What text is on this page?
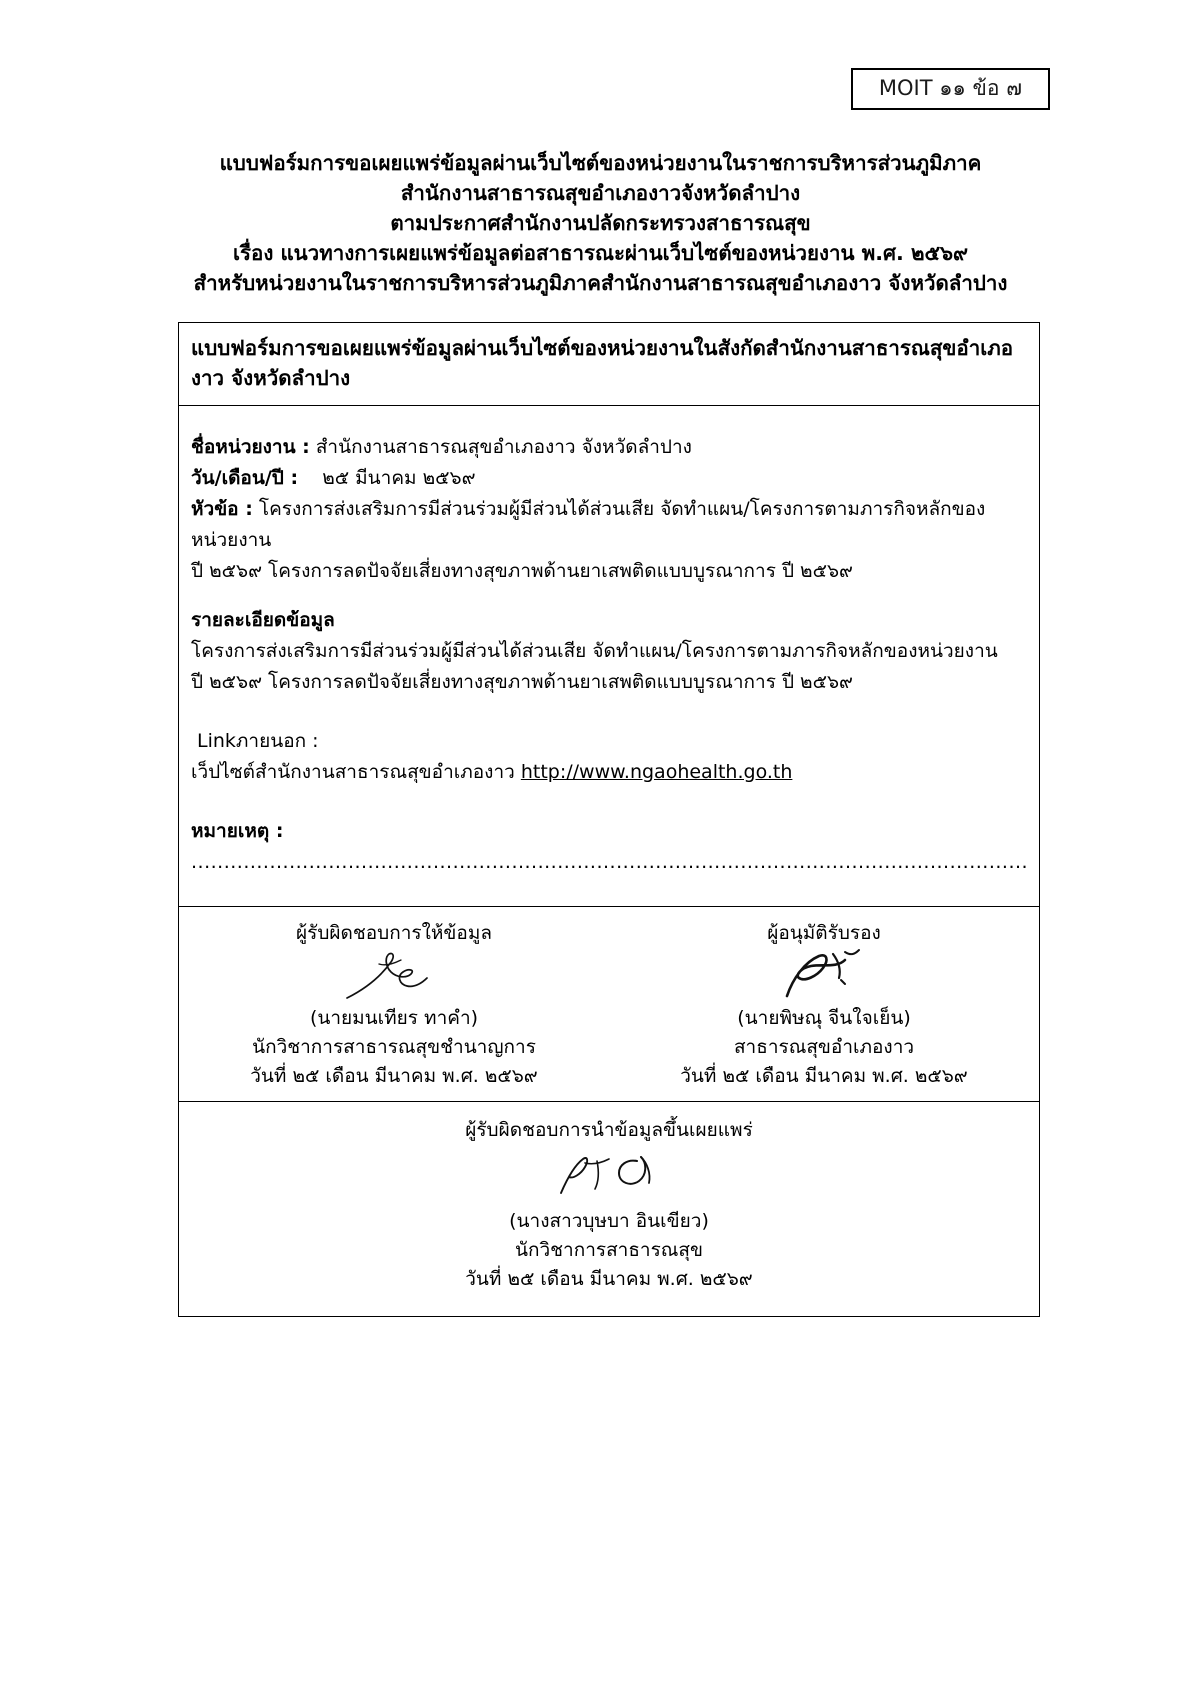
MOIT ๑๑ ข้อ ๗
แบบฟอร์มการขอเผยแพร่ข้อมูลผ่านเว็บไซต์ของหน่วยงานในราชการบริหารส่วนภูมิภาค
สำนักงานสาธารณสุขอำเภองาวจังหวัดลำปาง
ตามประกาศสำนักงานปลัดกระทรวงสาธารณสุข
เรื่อง แนวทางการเผยแพร่ข้อมูลต่อสาธารณะผ่านเว็บไซต์ของหน่วยงาน พ.ศ. ๒๕๖๙
สำหรับหน่วยงานในราชการบริหารส่วนภูมิภาคสำนักงานสาธารณสุขอำเภองาว จังหวัดลำปาง
แบบฟอร์มการขอเผยแพร่ข้อมูลผ่านเว็บไซต์ของหน่วยงานในสังกัดสำนักงานสาธารณสุขอำเภองาว จังหวัดลำปาง
ชื่อหน่วยงาน : สำนักงานสาธารณสุขอำเภองาว จังหวัดลำปาง
วัน/เดือน/ปี : ๒๕ มีนาคม ๒๕๖๙
หัวข้อ : โครงการส่งเสริมการมีส่วนร่วมผู้มีส่วนได้ส่วนเสีย จัดทำแผน/โครงการตามภารกิจหลักของหน่วยงาน
ปี ๒๕๖๙ โครงการลดปัจจัยเสี่ยงทางสุขภาพด้านยาเสพติดแบบบูรณาการ ปี ๒๕๖๙
รายละเอียดข้อมูล
โครงการส่งเสริมการมีส่วนร่วมผู้มีส่วนได้ส่วนเสีย จัดทำแผน/โครงการตามภารกิจหลักของหน่วยงาน
ปี ๒๕๖๙ โครงการลดปัจจัยเสี่ยงทางสุขภาพด้านยาเสพติดแบบบูรณาการ ปี ๒๕๖๙
Linkภายนอก :
เว็ปไซต์สำนักงานสาธารณสุขอำเภองาว http://www.ngaohealth.go.th
หมายเหตุ : ................................................................................................................................
ผู้รับผิดชอบการให้ข้อมูล
(นายมนเทียร ทาคำ)
นักวิชาการสาธารณสุขชำนาญการ
วันที่ ๒๕ เดือน มีนาคม พ.ศ. ๒๕๖๙
ผู้อนุมัติรับรอง
(นายพิษณุ จีนใจเย็น)
สาธารณสุขอำเภองาว
วันที่ ๒๕ เดือน มีนาคม พ.ศ. ๒๕๖๙
ผู้รับผิดชอบการนำข้อมูลขึ้นเผยแพร่
(นางสาวบุษบา อินเขียว)
นักวิชาการสาธารณสุข
วันที่ ๒๕ เดือน มีนาคม พ.ศ. ๒๕๖๙
